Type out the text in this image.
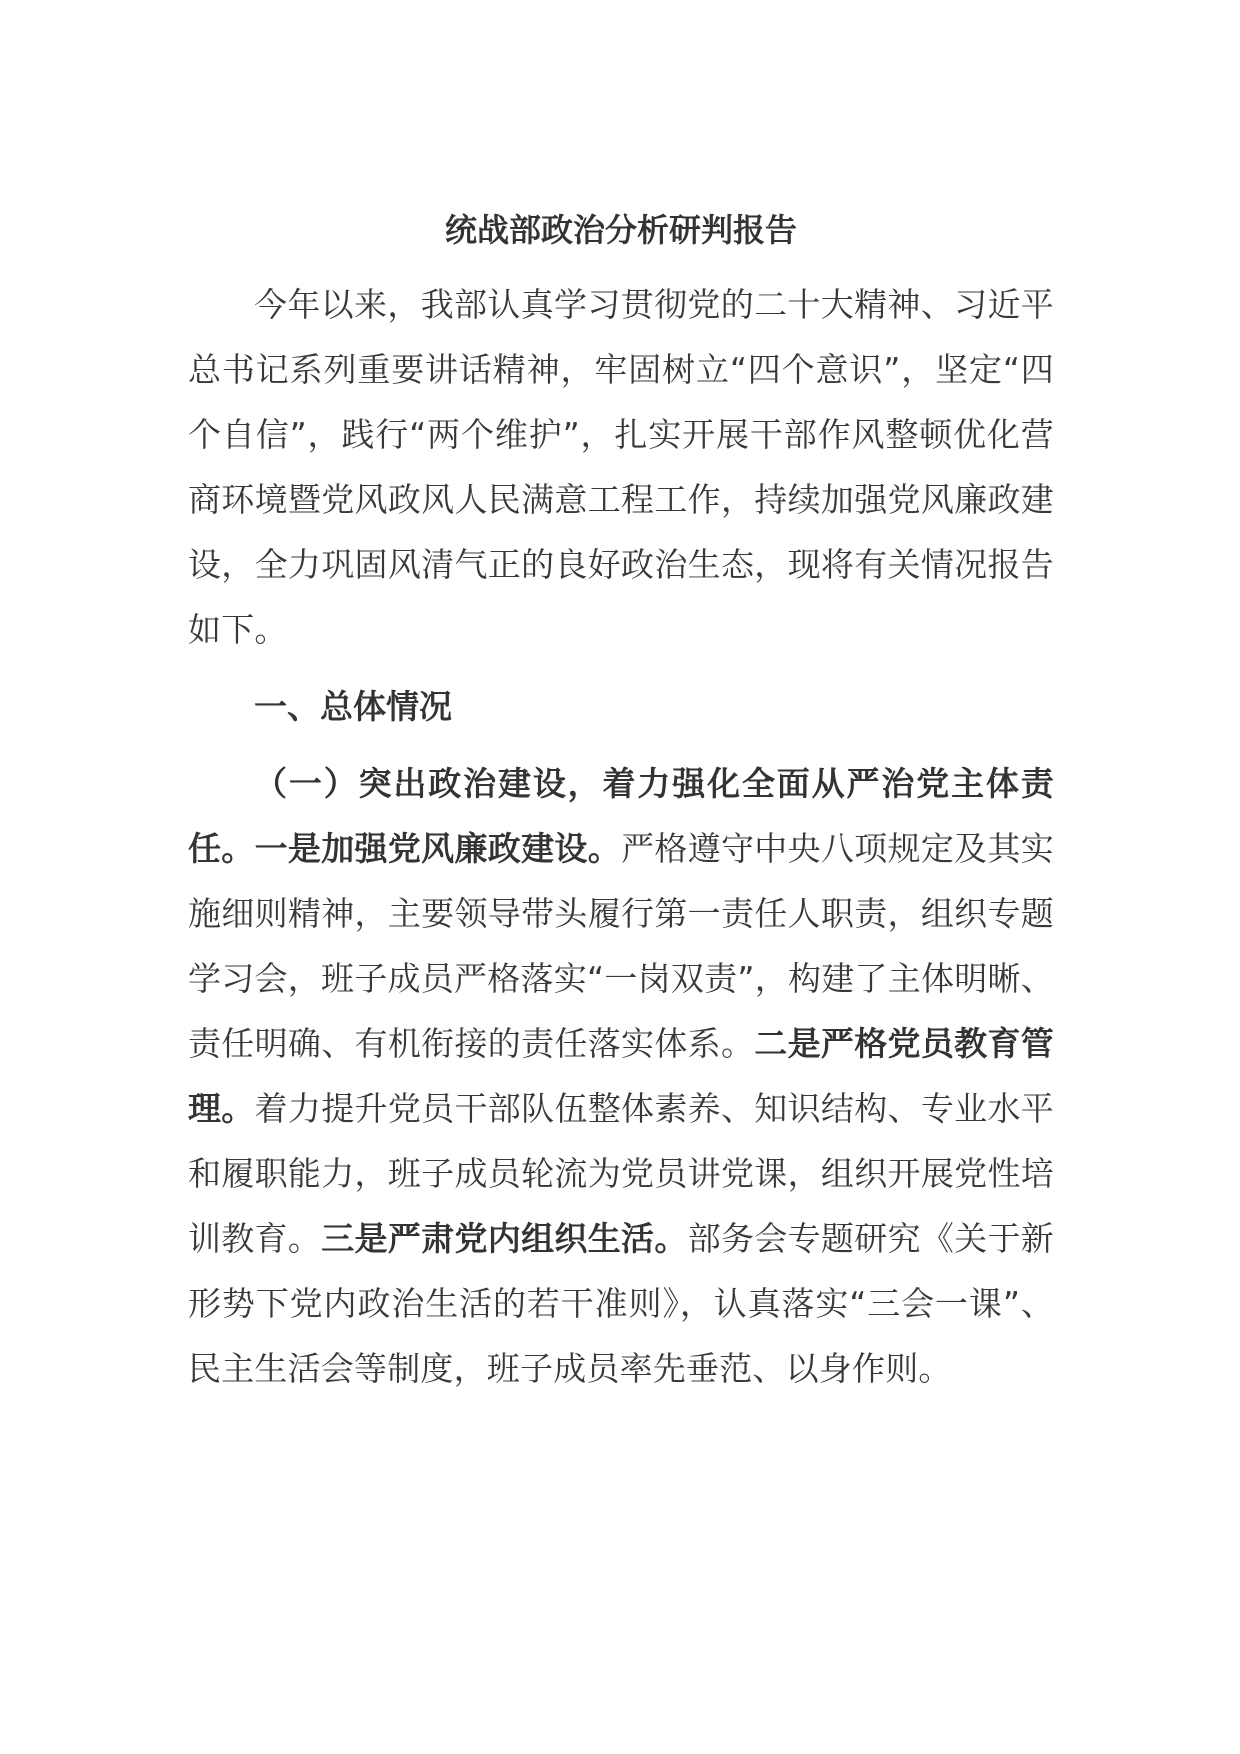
统战部政治分析研判报告

今年以来，我部认真学习贯彻党的二十大精神、习近平总书记系列重要讲话精神，牢固树立“四个意识”，坚定“四个自信”，践行“两个维护”，扎实开展干部作风整顿优化营商环境暨党风政风人民满意工程工作，持续加强党风廉政建设，全力巩固风清气正的良好政治生态，现将有关情况报告如下。

一、总体情况

（一）突出政治建设，着力强化全面从严治党主体责任。一是加强党风廉政建设。严格遵守中央八项规定及其实施细则精神，主要领导带头履行第一责任人职责，组织专题学习会，班子成员严格落实“一岗双责”，构建了主体明晰、责任明确、有机衔接的责任落实体系。二是严格党员教育管理。着力提升党员干部队伍整体素养、知识结构、专业水平和履职能力，班子成员轮流为党员讲党课，组织开展党性培训教育。三是严肃党内组织生活。部务会专题研究《关于新形势下党内政治生活的若干准则》，认真落实“三会一课”、民主生活会等制度，班子成员率先垂范、以身作则。
